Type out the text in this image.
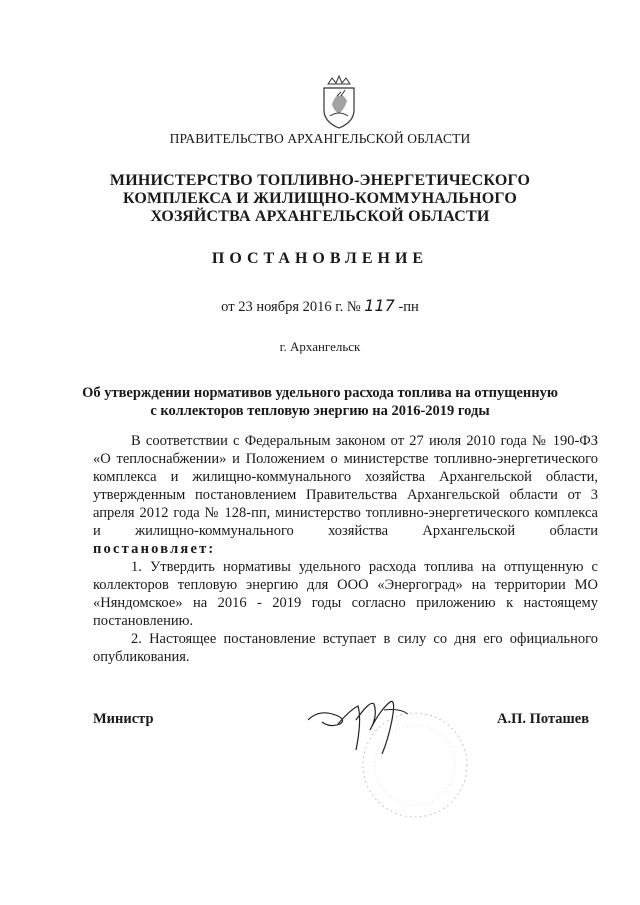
ПРАВИТЕЛЬСТВО АРХАНГЕЛЬСКОЙ ОБЛАСТИ
МИНИСТЕРСТВО ТОПЛИВНО-ЭНЕРГЕТИЧЕСКОГО
КОМПЛЕКСА И ЖИЛИЩНО-КОММУНАЛЬНОГО
ХОЗЯЙСТВА АРХАНГЕЛЬСКОЙ ОБЛАСТИ
ПОСТАНОВЛЕНИЕ
от 23 ноября 2016 г. № 117 -пн
г. Архангельск
Об утверждении нормативов удельного расхода топлива на отпущенную
с коллекторов тепловую энергию на 2016-2019 годы
В соответствии с Федеральным законом от 27 июля 2010 года № 190-ФЗ «О теплоснабжении» и Положением о министерстве топливно-энергетического комплекса и жилищно-коммунального хозяйства Архангельской области, утвержденным постановлением Правительства Архангельской области от 3 апреля 2012 года № 128-пп, министерство топливно-энергетического комплекса и жилищно-коммунального хозяйства Архангельской области постановляет:
1. Утвердить нормативы удельного расхода топлива на отпущенную с коллекторов тепловую энергию для ООО «Энергоград» на территории МО «Няндомское» на 2016 - 2019 годы согласно приложению к настоящему постановлению.
2. Настоящее постановление вступает в силу со дня его официального опубликования.
Министр	А.П. Поташев
